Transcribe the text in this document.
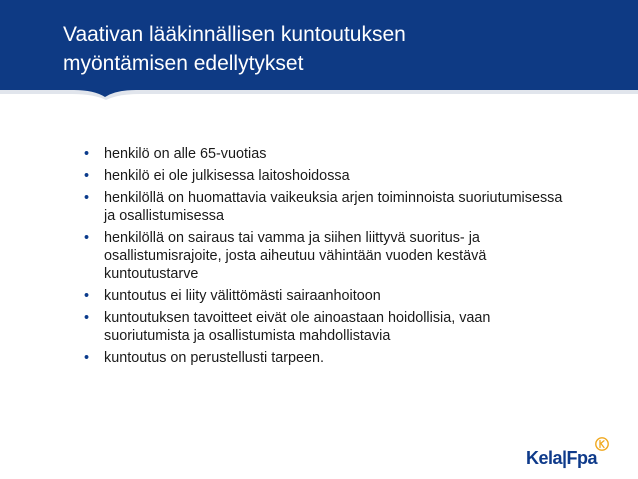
Vaativan lääkinnällisen kuntoutuksen
myöntämisen edellytykset
• henkilö on alle 65-vuotias
• henkilö ei ole julkisessa laitoshoidossa
• henkilöllä on huomattavia vaikeuksia arjen toiminnoista suoriutumisessa ja osallistumisessa
• henkilöllä on sairaus tai vamma ja siihen liittyvä suoritus- ja osallistumisrajoite, josta aiheutuu vähintään vuoden kestävä kuntoutustarve
• kuntoutus ei liity välittömästi sairaanhoitoon
• kuntoutuksen tavoitteet eivät ole ainoastaan hoidollisia, vaan suoriutumista ja osallistumista mahdollistavia
• kuntoutus on perustellusti tarpeen.
Kela|Fpa
